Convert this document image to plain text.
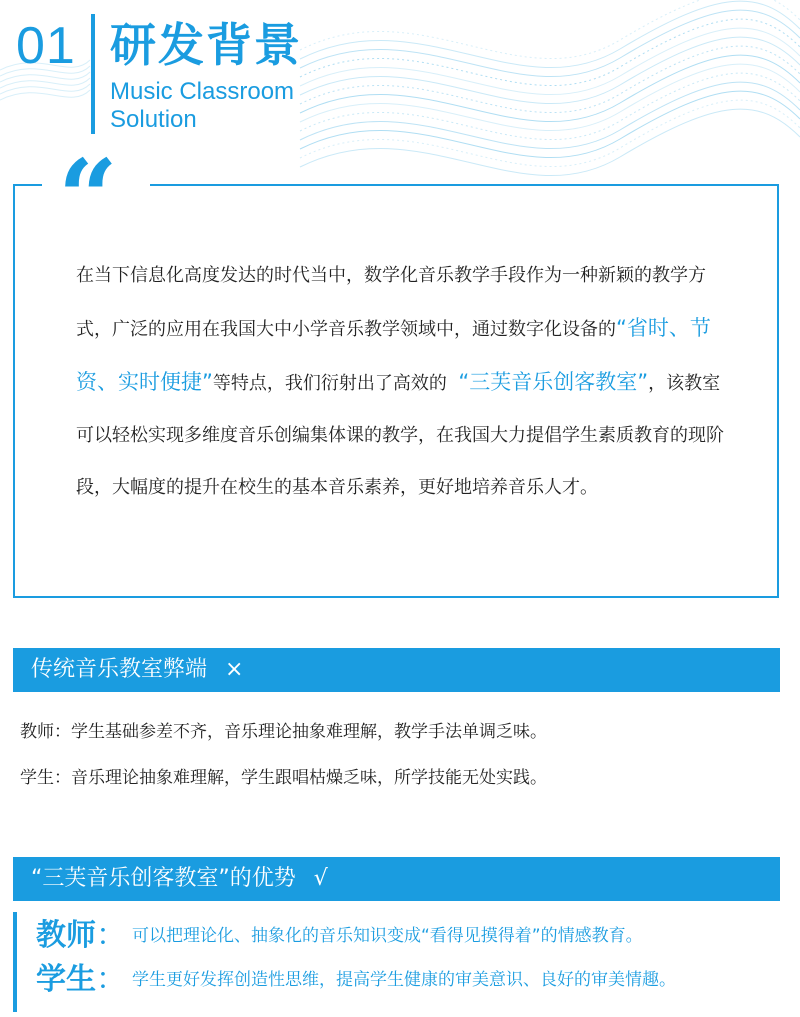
01 研发背景
Music Classroom Solution
“
在当下信息化高度发达的时代当中，数学化音乐教学手段作为一种新颖的教学方式，广泛的应用在我国大中小学音乐教学领域中，通过数字化设备的“省时、节资、实时便捷”等特点，我们衍射出了高效的 “三芙音乐创客教室”，该教室可以轻松实现多维度音乐创编集体课的教学，在我国大力提倡学生素质教育的现阶段，大幅度的提升在校生的基本音乐素养，更好地培养音乐人才。
传统音乐教室弊端 ×
教师：学生基础参差不齐，音乐理论抽象难理解，教学手法单调乏味。
学生：音乐理论抽象难理解，学生跟唱枯燥乏味，所学技能无处实践。
“三芙音乐创客教室”的优势 √
教师： 可以把理论化、抽象化的音乐知识变成“看得见摸得着”的情感教育。
学生： 学生更好发挥创造性思维，提高学生健康的审美意识、良好的审美情趣。
